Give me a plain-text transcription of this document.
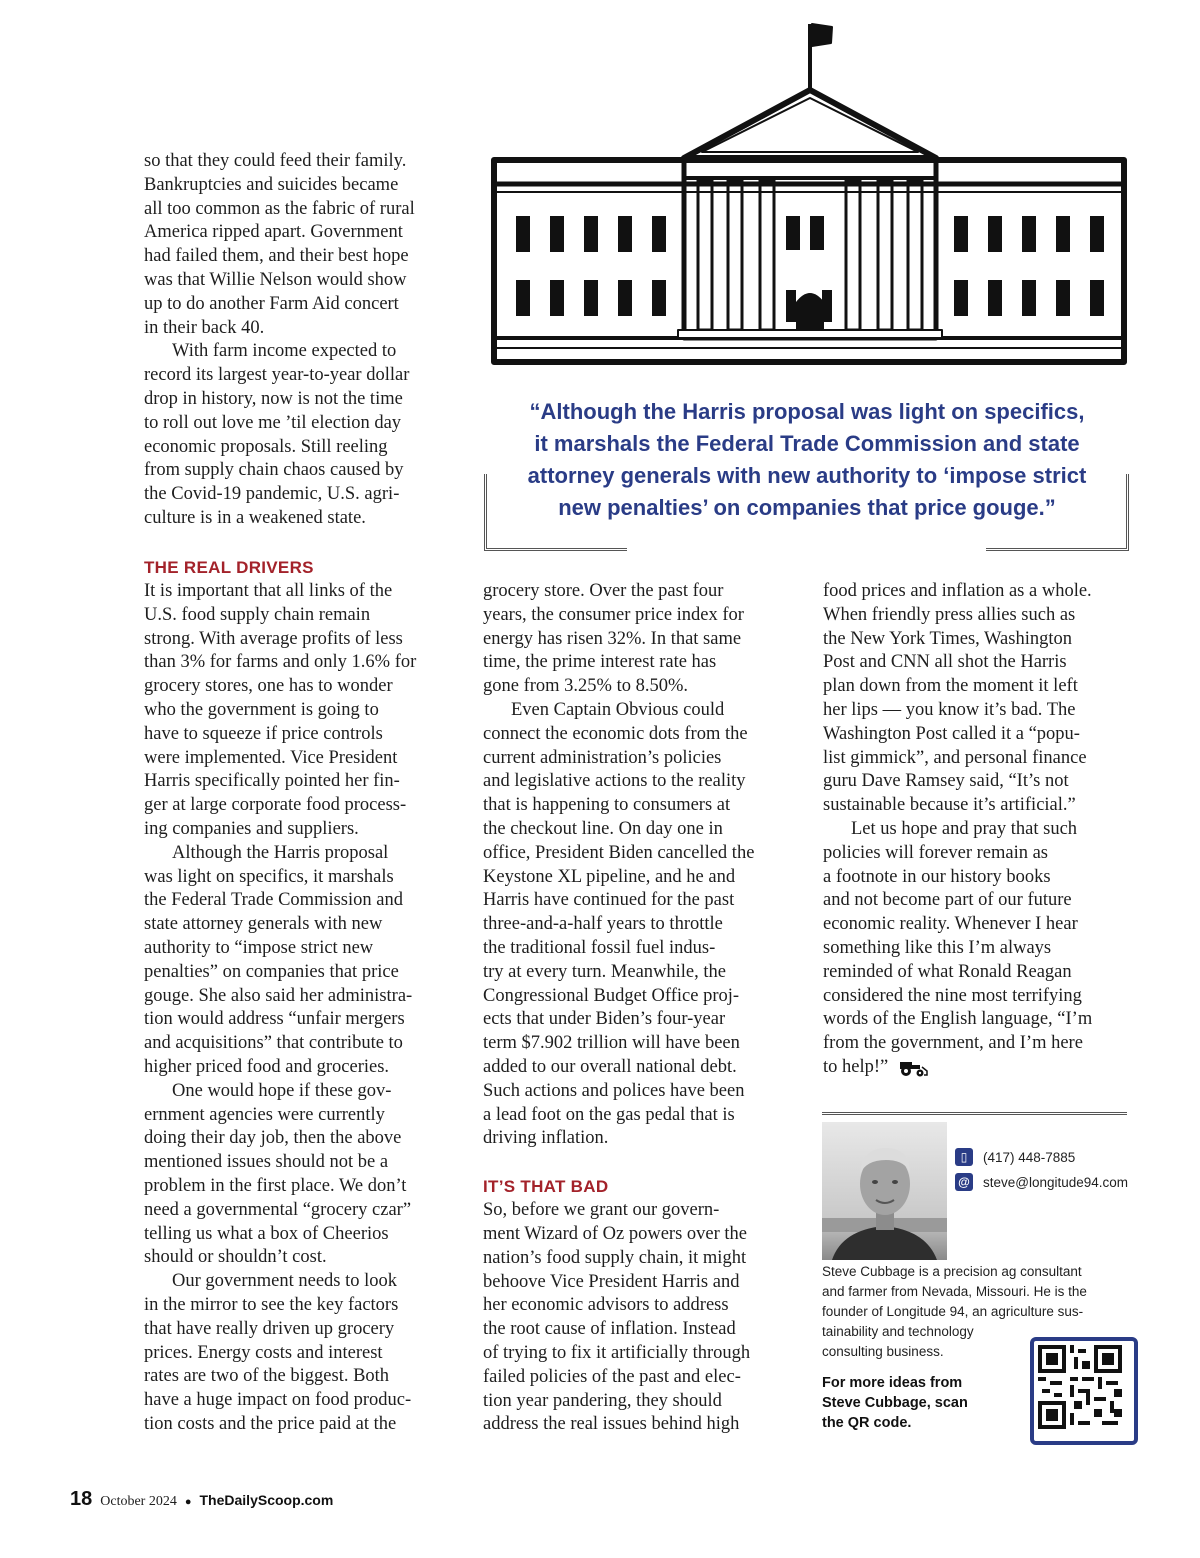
“Although the Harris proposal was light on specifics,
it marshals the Federal Trade Commission and state
attorney generals with new authority to ‘impose strict
new penalties’ on companies that price gouge.”

so that they could feed their family.
Bankruptcies and suicides became
all too common as the fabric of rural
America ripped apart. Government
had failed them, and their best hope
was that Willie Nelson would show
up to do another Farm Aid concert
in their back 40.

With farm income expected to
record its largest year-to-year dollar
drop in history, now is not the time
to roll out love me ’til election day
economic proposals. Still reeling
from supply chain chaos caused by
the Covid-19 pandemic, U.S. agri-
culture is in a weakened state.

THE REAL DRIVERS

It is important that all links of the
U.S. food supply chain remain
strong. With average profits of less
than 3% for farms and only 1.6% for
grocery stores, one has to wonder
who the government is going to
have to squeeze if price controls
were implemented. Vice President
Harris specifically pointed her fin-
ger at large corporate food process-
ing companies and suppliers.

Although the Harris proposal
was light on specifics, it marshals
the Federal Trade Commission and
state attorney generals with new
authority to “impose strict new
penalties” on companies that price
gouge. She also said her administra-
tion would address “unfair mergers
and acquisitions” that contribute to
higher priced food and groceries.

One would hope if these gov-
ernment agencies were currently
doing their day job, then the above
mentioned issues should not be a
problem in the first place. We don’t
need a governmental “grocery czar”
telling us what a box of Cheerios
should or shouldn’t cost.

Our government needs to look
in the mirror to see the key factors
that have really driven up grocery
prices. Energy costs and interest
rates are two of the biggest. Both
have a huge impact on food produc-
tion costs and the price paid at the

grocery store. Over the past four
years, the consumer price index for
energy has risen 32%. In that same
time, the prime interest rate has
gone from 3.25% to 8.50%.

Even Captain Obvious could
connect the economic dots from the
current administration’s policies
and legislative actions to the reality
that is happening to consumers at
the checkout line. On day one in
office, President Biden cancelled the
Keystone XL pipeline, and he and
Harris have continued for the past
three-and-a-half years to throttle
the traditional fossil fuel indus-
try at every turn. Meanwhile, the
Congressional Budget Office proj-
ects that under Biden’s four-year
term $7.902 trillion will have been
added to our overall national debt.
Such actions and polices have been
a lead foot on the gas pedal that is
driving inflation.

IT’S THAT BAD

So, before we grant our govern-
ment Wizard of Oz powers over the
nation’s food supply chain, it might
behoove Vice President Harris and
her economic advisors to address
the root cause of inflation. Instead
of trying to fix it artificially through
failed policies of the past and elec-
tion year pandering, they should
address the real issues behind high

food prices and inflation as a whole.
When friendly press allies such as
the New York Times, Washington
Post and CNN all shot the Harris
plan down from the moment it left
her lips — you know it’s bad. The
Washington Post called it a “popu-
list gimmick”, and personal finance
guru Dave Ramsey said, “It’s not
sustainable because it’s artificial.”

Let us hope and pray that such
policies will forever remain as
a footnote in our history books
and not become part of our future
economic reality. Whenever I hear
something like this I’m always
reminded of what Ronald Reagan
considered the nine most terrifying
words of the English language, “I’m
from the government, and I’m here
to help!”

▯	(417) 448-7885
@ steve@longitude94.com
Steve Cubbage is a precision ag consultant
and farmer from Nevada, Missouri. He is the
founder of Longitude 94, an agriculture sus-
tainability and technology
consulting business.
For more ideas from
Steve Cubbage, scan
the QR code.
18 October 2024 ● TheDailyScoop.com
